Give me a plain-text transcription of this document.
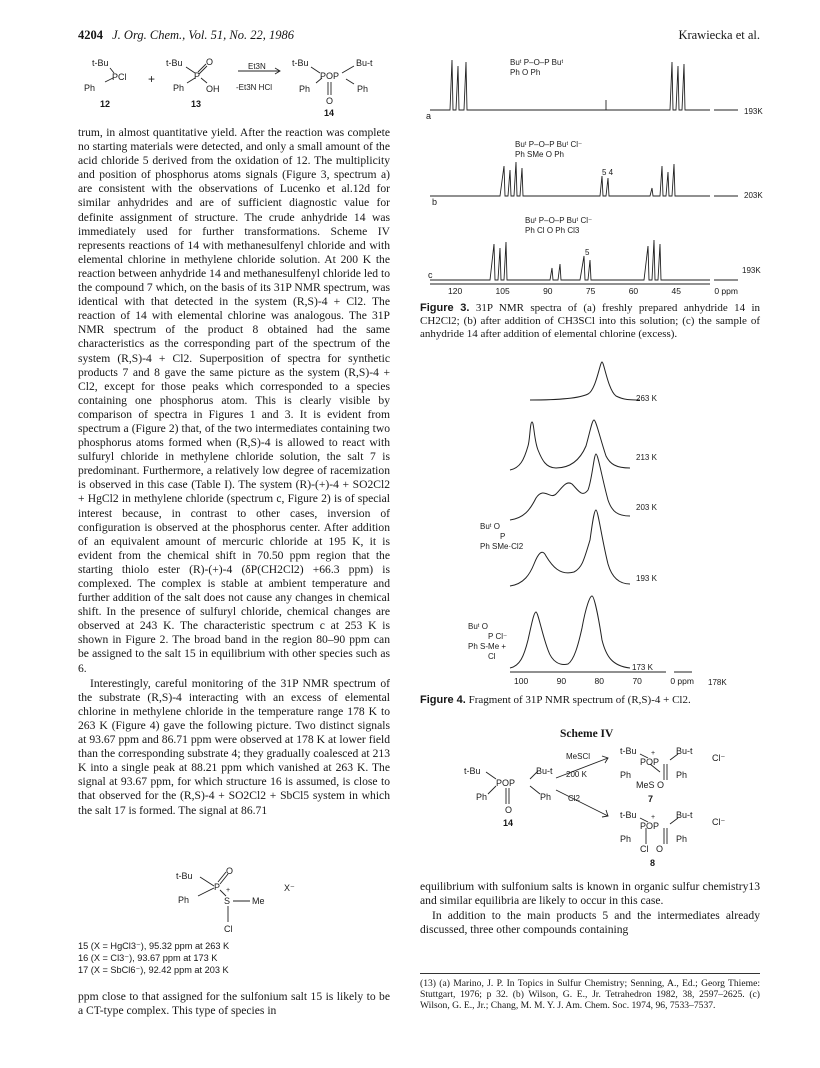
4204 J. Org. Chem., Vol. 51, No. 22, 1986	Krawiecka et al.
t-Bu
PCl
Ph
12
+
t-Bu	O
P
Ph OH
13
Et3N
-Et3N HCl
t-Bu
POP
Bu-t
Ph	Ph
O
14

trum, in almost quantitative yield. After the reaction was complete no starting materials were detected, and only a small amount of the acid chloride 5 derived from the oxidation of 12. The multiplicity and position of phosphorus atoms signals (Figure 3, spectrum a) are consistent with the observations of Lucenko et al.12d for similar anhydrides and are of sufficient diagnostic value for definite assignment of structure. The crude anhydride 14 was immediately used for further transformations. Scheme IV represents reactions of 14 with methanesulfenyl chloride and with elemental chlorine in methylene chloride solution. At 200 K the reaction between anhydride 14 and methanesulfenyl chloride led to the compound 7 which, on the basis of its 31P NMR spectrum, was identical with that detected in the system (R,S)-4 + Cl2. The reaction of 14 with elemental chlorine was analogous. The 31P NMR spectrum of the product 8 obtained had the same characteristics as the corresponding part of the spectrum of the system (R,S)-4 + Cl2. Superposition of spectra for synthetic products 7 and 8 gave the same picture as the system (R,S)-4 + Cl2, except for those peaks which corresponded to a species containing one phosphorus atom. This is clearly visible by comparison of spectra in Figures 1 and 3. It is evident from spectrum a (Figure 2) that, of the two intermediates containing two phosphorus atoms formed when (R,S)-4 is allowed to react with sulfuryl chloride in methylene chloride solution, the salt 7 is predominant. Furthermore, a relatively low degree of racemization is observed in this case (Table I). The system (R)-(+)-4 + SO2Cl2 + HgCl2 in methylene chloride (spectrum c, Figure 2) is of special interest because, in contrast to other cases, inversion of configuration is observed at the phosphorus center. After addition of an equivalent amount of mercuric chloride at 195 K, it is evident from the chemical shift in 70.50 ppm region that the starting thiolo ester (R)-(+)-4 (δP(CH2Cl2) +66.3 ppm) is complexed. The complex is stable at ambient temperature and further addition of the salt does not cause any changes in chemical shift. In the presence of sulfuryl chloride, chemical changes are observed at 243 K. The characteristic spectrum c at 253 K is shown in Figure 2. The broad band in the region 80–90 ppm can be assigned to the salt 15 in equilibrium with other species such as 6.

Interestingly, careful monitoring of the 31P NMR spectrum of the substrate (R,S)-4 interacting with an excess of elemental chlorine in methylene chloride in the temperature range 178 K to 263 K (Figure 4) gave the following picture. Two distinct signals at 93.67 ppm and 86.71 ppm were observed at 178 K at lower field than the corresponding substrate 4; they gradually coalesced at 213 K into a single peak at 88.21 ppm which vanished at 263 K. The signal at 93.67 ppm, for which structure 16 is assumed, is close to that observed for the (R,S)-4 + SO2Cl2 + SbCl5 system in which the salt 17 is formed. The signal at 86.71

t-Bu	O
P
Ph	S
+
Me
Cl
X⁻
15 (X = HgCl3⁻), 95.32 ppm at 263 K
16 (X = Cl3⁻), 93.67 ppm at 173 K
17 (X = SbCl6⁻), 92.42 ppm at 203 K

ppm close to that assigned for the sulfonium salt 15 is likely to be a CT-type complex. This type of species in

a	193K
Buᵗ P–O–P Buᵗ
Ph O Ph
b
203K
5 4
Buᵗ P–O–P Buᵗ Cl⁻
Ph SMe O Ph
c	193K
5
Buᵗ P–O–P Buᵗ Cl⁻
Ph Cl O Ph Cl3
120	105	90	75	60	45	0 ppm
Figure 3. 31P NMR spectra of (a) freshly prepared anhydride 14 in CH2Cl2; (b) after addition of CH3SCl into this solution; (c) the sample of anhydride 14 after addition of elemental chlorine (excess).
263 K
213 K
203 K
193 K
173 K
178K
Buᵗ O
P
Ph SMe·Cl2
Buᵗ O
P Cl⁻
Ph S-Me +
Cl
100	90	80	70	0 ppm
Figure 4. Fragment of 31P NMR spectrum of (R,S)-4 + Cl2.
Scheme IV
t-Bu
POP
Bu-t
Ph	Ph
O
14
MeSCl
200 K
Cl2
t-Bu +
POP
Bu-t
Cl⁻
Ph
MeS O
Ph
7
t-Bu +
POP
Bu-t
Cl⁻
Ph
Cl O
Ph
8

equilibrium with sulfonium salts is known in organic sulfur chemistry13 and similar equilibria are likely to occur in this case.

In addition to the main products 5 and the intermediates already discussed, three other compounds containing

(13) (a) Marino, J. P. In Topics in Sulfur Chemistry; Senning, A., Ed.; Georg Thieme: Stuttgart, 1976; p 32. (b) Wilson, G. E., Jr. Tetrahedron 1982, 38, 2597–2625. (c) Wilson, G. E., Jr.; Chang, M. M. Y. J. Am. Chem. Soc. 1974, 96, 7533–7537.
